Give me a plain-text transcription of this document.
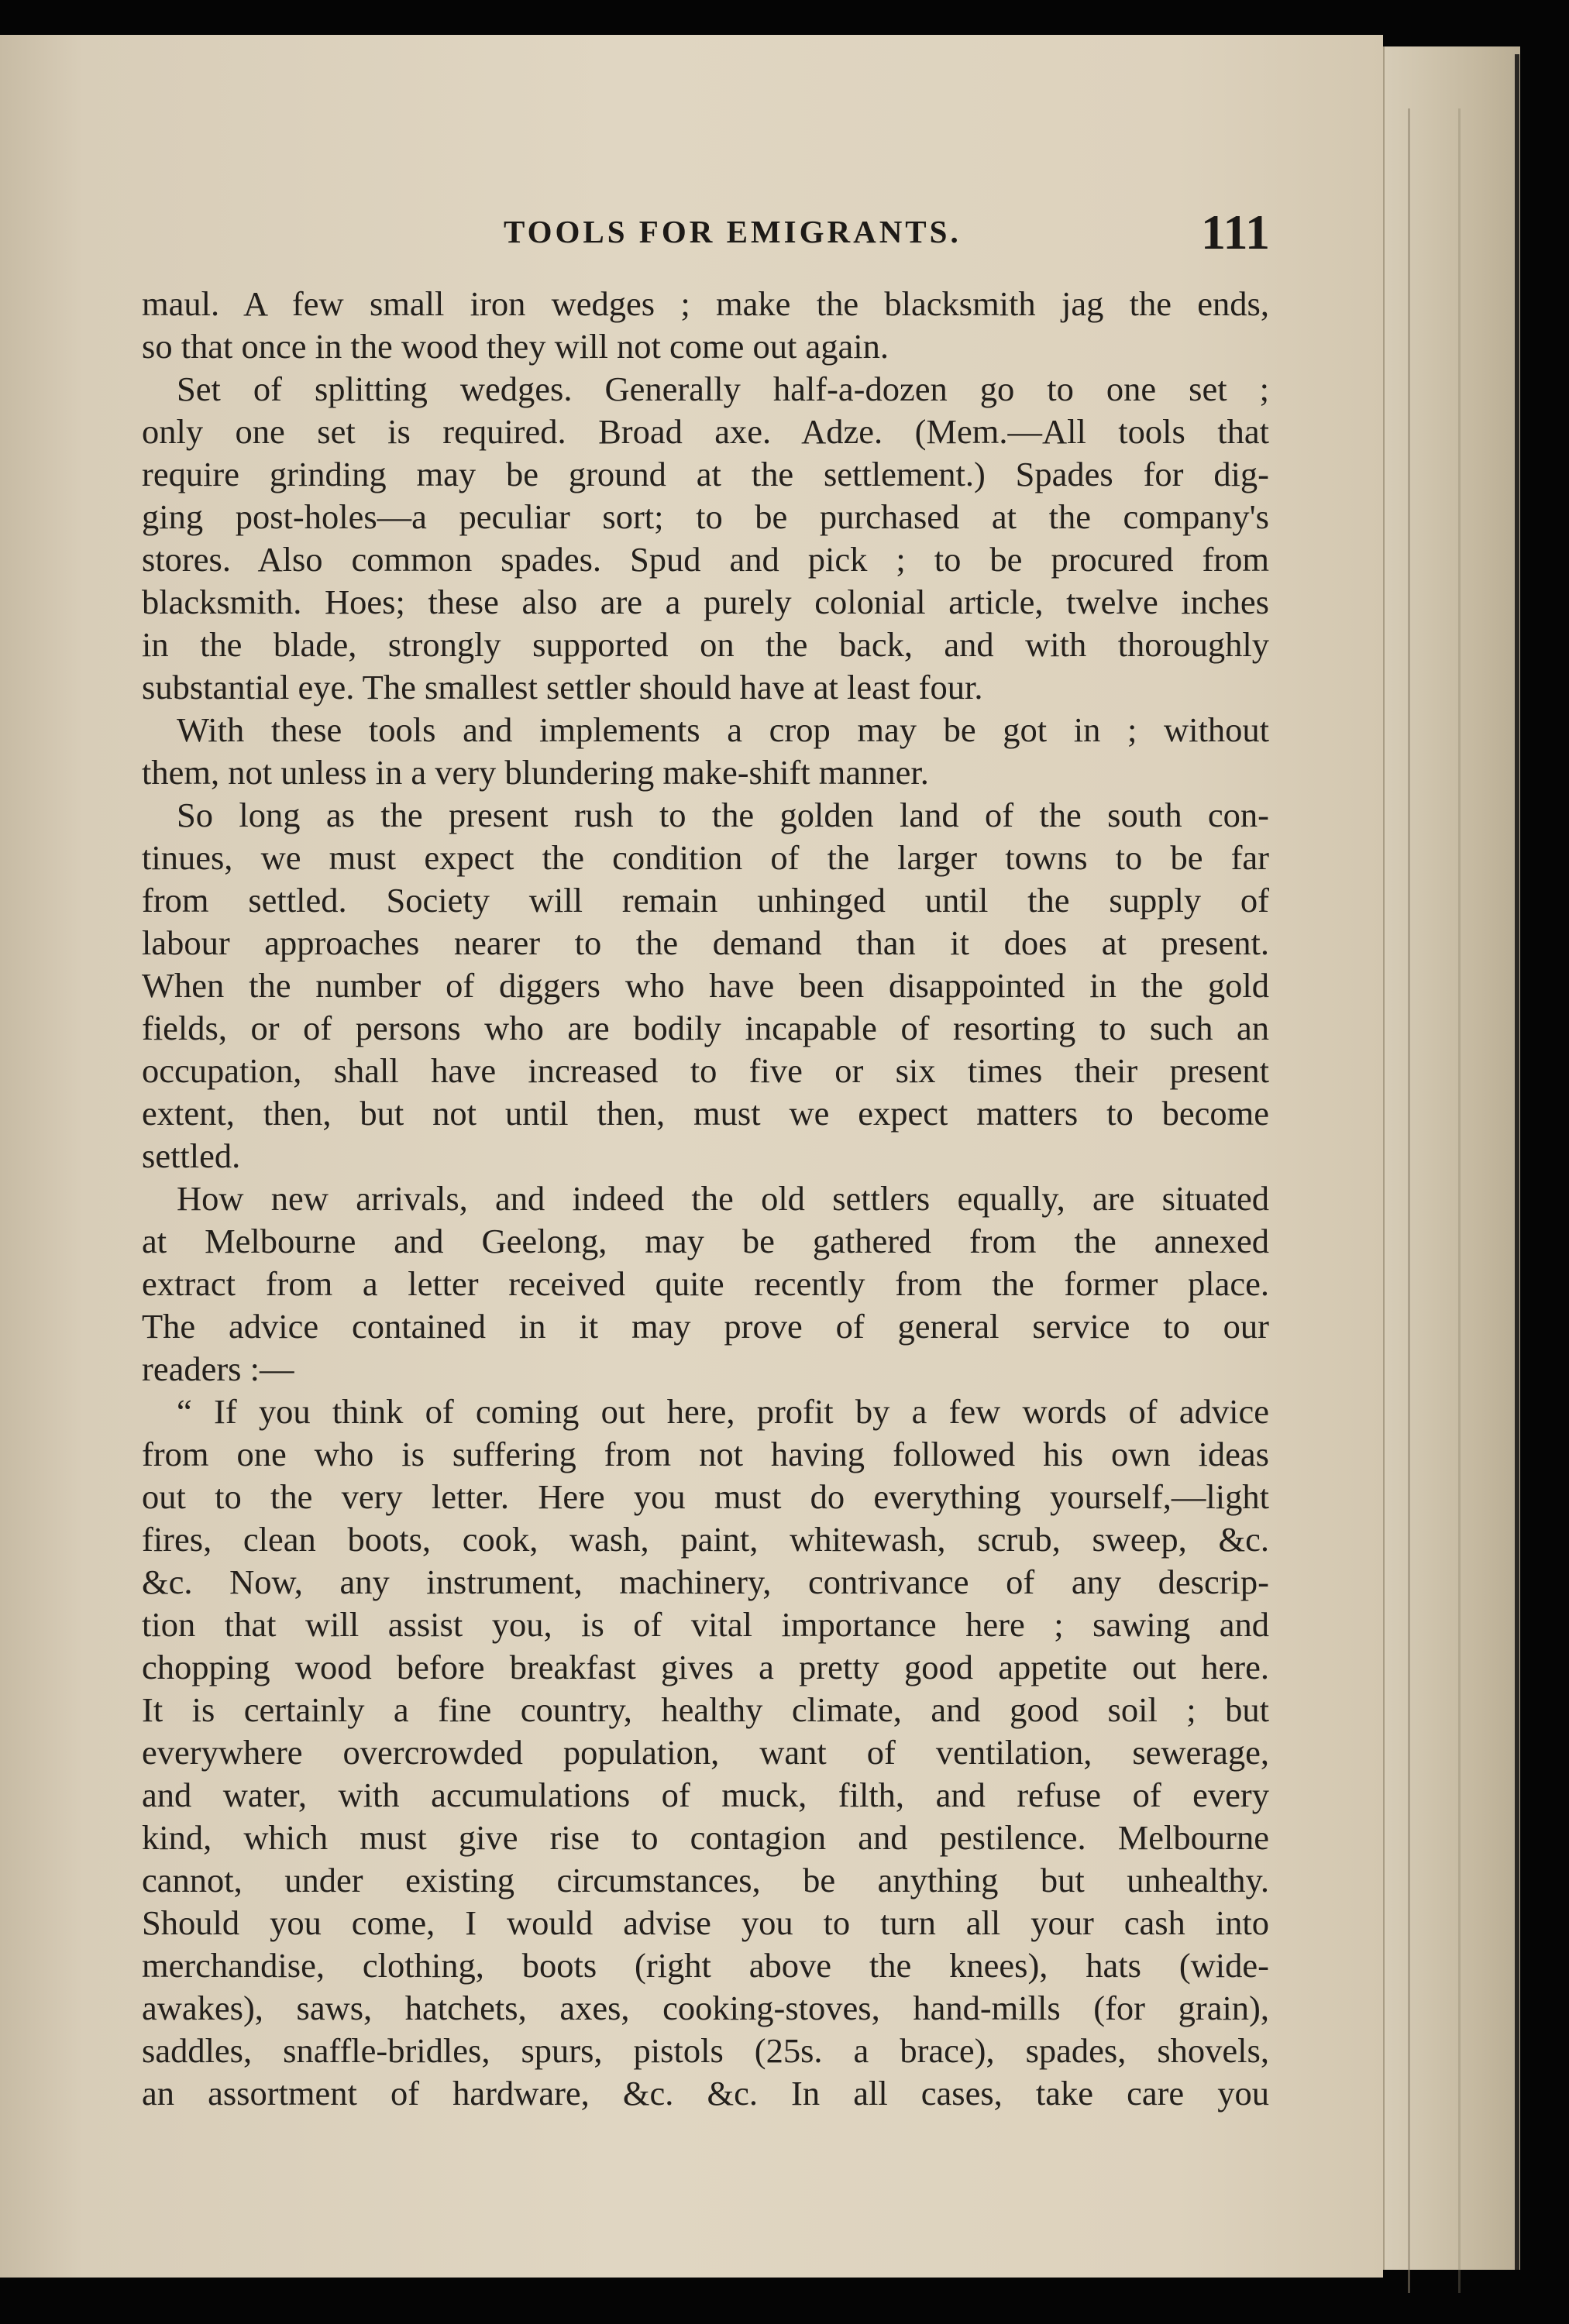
TOOLS FOR EMIGRANTS.	111

maul. A few small iron wedges ; make the blacksmith jag the ends,
so that once in the wood they will not come out again.

Set of splitting wedges. Generally half-a-dozen go to one set ;
only one set is required. Broad axe. Adze. (Mem.—All tools that
require grinding may be ground at the settlement.) Spades for dig-
ging post-holes—a peculiar sort; to be purchased at the company's
stores. Also common spades. Spud and pick ; to be procured from
blacksmith. Hoes; these also are a purely colonial article, twelve inches
in the blade, strongly supported on the back, and with thoroughly
substantial eye. The smallest settler should have at least four.

With these tools and implements a crop may be got in ; without
them, not unless in a very blundering make-shift manner.

So long as the present rush to the golden land of the south con-
tinues, we must expect the condition of the larger towns to be far
from settled. Society will remain unhinged until the supply of
labour approaches nearer to the demand than it does at present.
When the number of diggers who have been disappointed in the gold
fields, or of persons who are bodily incapable of resorting to such an
occupation, shall have increased to five or six times their present
extent, then, but not until then, must we expect matters to become
settled.

How new arrivals, and indeed the old settlers equally, are situated
at Melbourne and Geelong, may be gathered from the annexed
extract from a letter received quite recently from the former place.
The advice contained in it may prove of general service to our
readers :—

“ If you think of coming out here, profit by a few words of advice
from one who is suffering from not having followed his own ideas
out to the very letter. Here you must do everything yourself,—light
fires, clean boots, cook, wash, paint, whitewash, scrub, sweep, &c.
&c. Now, any instrument, machinery, contrivance of any descrip-
tion that will assist you, is of vital importance here ; sawing and
chopping wood before breakfast gives a pretty good appetite out here.
It is certainly a fine country, healthy climate, and good soil ; but
everywhere overcrowded population, want of ventilation, sewerage,
and water, with accumulations of muck, filth, and refuse of every
kind, which must give rise to contagion and pestilence. Melbourne
cannot, under existing circumstances, be anything but unhealthy.
Should you come, I would advise you to turn all your cash into
merchandise, clothing, boots (right above the knees), hats (wide-
awakes), saws, hatchets, axes, cooking-stoves, hand-mills (for grain),
saddles, snaffle-bridles, spurs, pistols (25s. a brace), spades, shovels,
an assortment of hardware, &c. &c. In all cases, take care you
